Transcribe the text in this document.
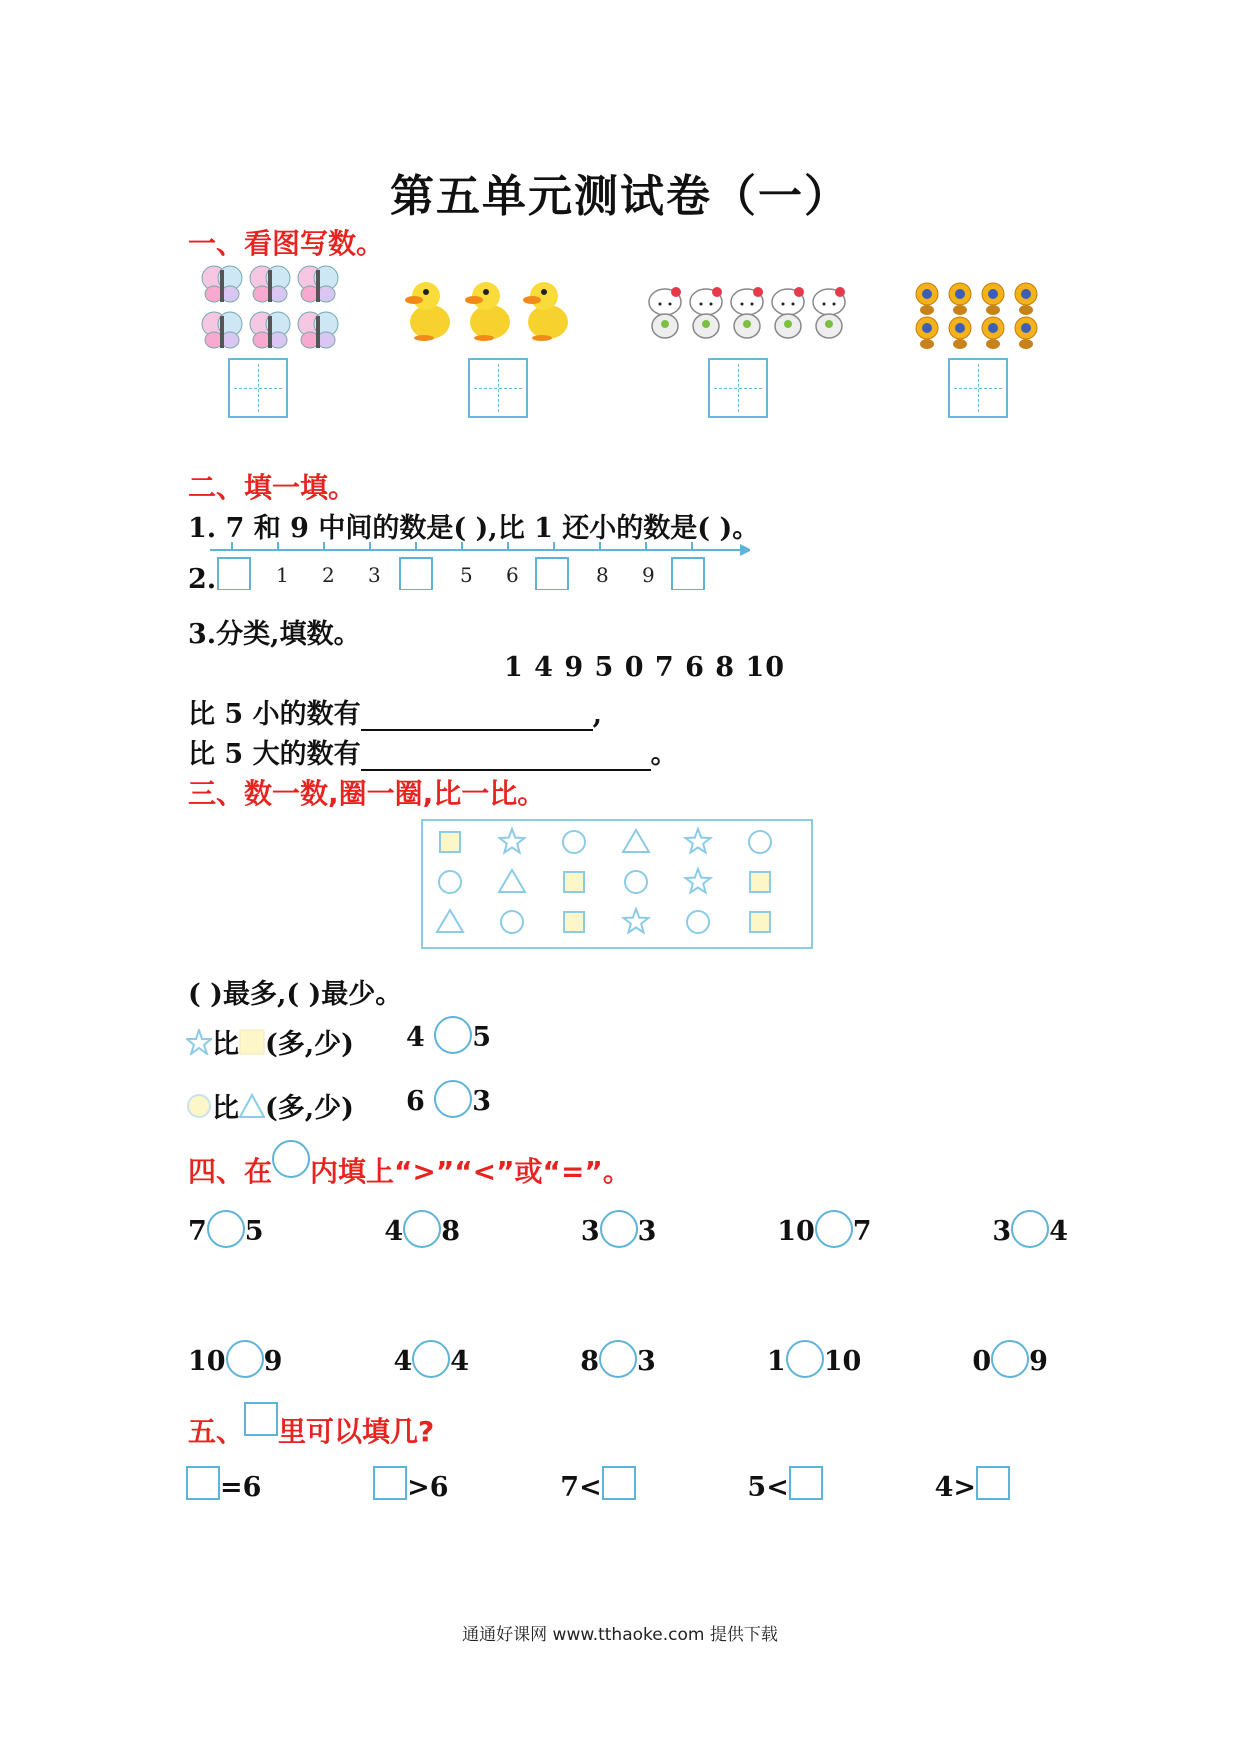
第五单元测试卷（一）
一、看图写数。
二、填一填。
1. 7 和 9 中间的数是( ),比 1 还小的数是( )。
2.	1 2 3	5 6	8 9
3.分类,填数。
1 4 9 5 0 7 6 8 10
比 5 小的数有	,
比 5 大的数有	。
三、数一数,圈一圈,比一比。
( )最多,( )最少。
比 (多,少) 4 5
比 (多,少) 6 3
四、在 内填上“>”“<”或“=”。
7 5	4 8	3 3	10 7	3 4
10 9	4 4	8 3	1 10	0 9
五、 里可以填几?
=6	>6	7<	5<	4>
通通好课网 www.tthaoke.com 提供下载
